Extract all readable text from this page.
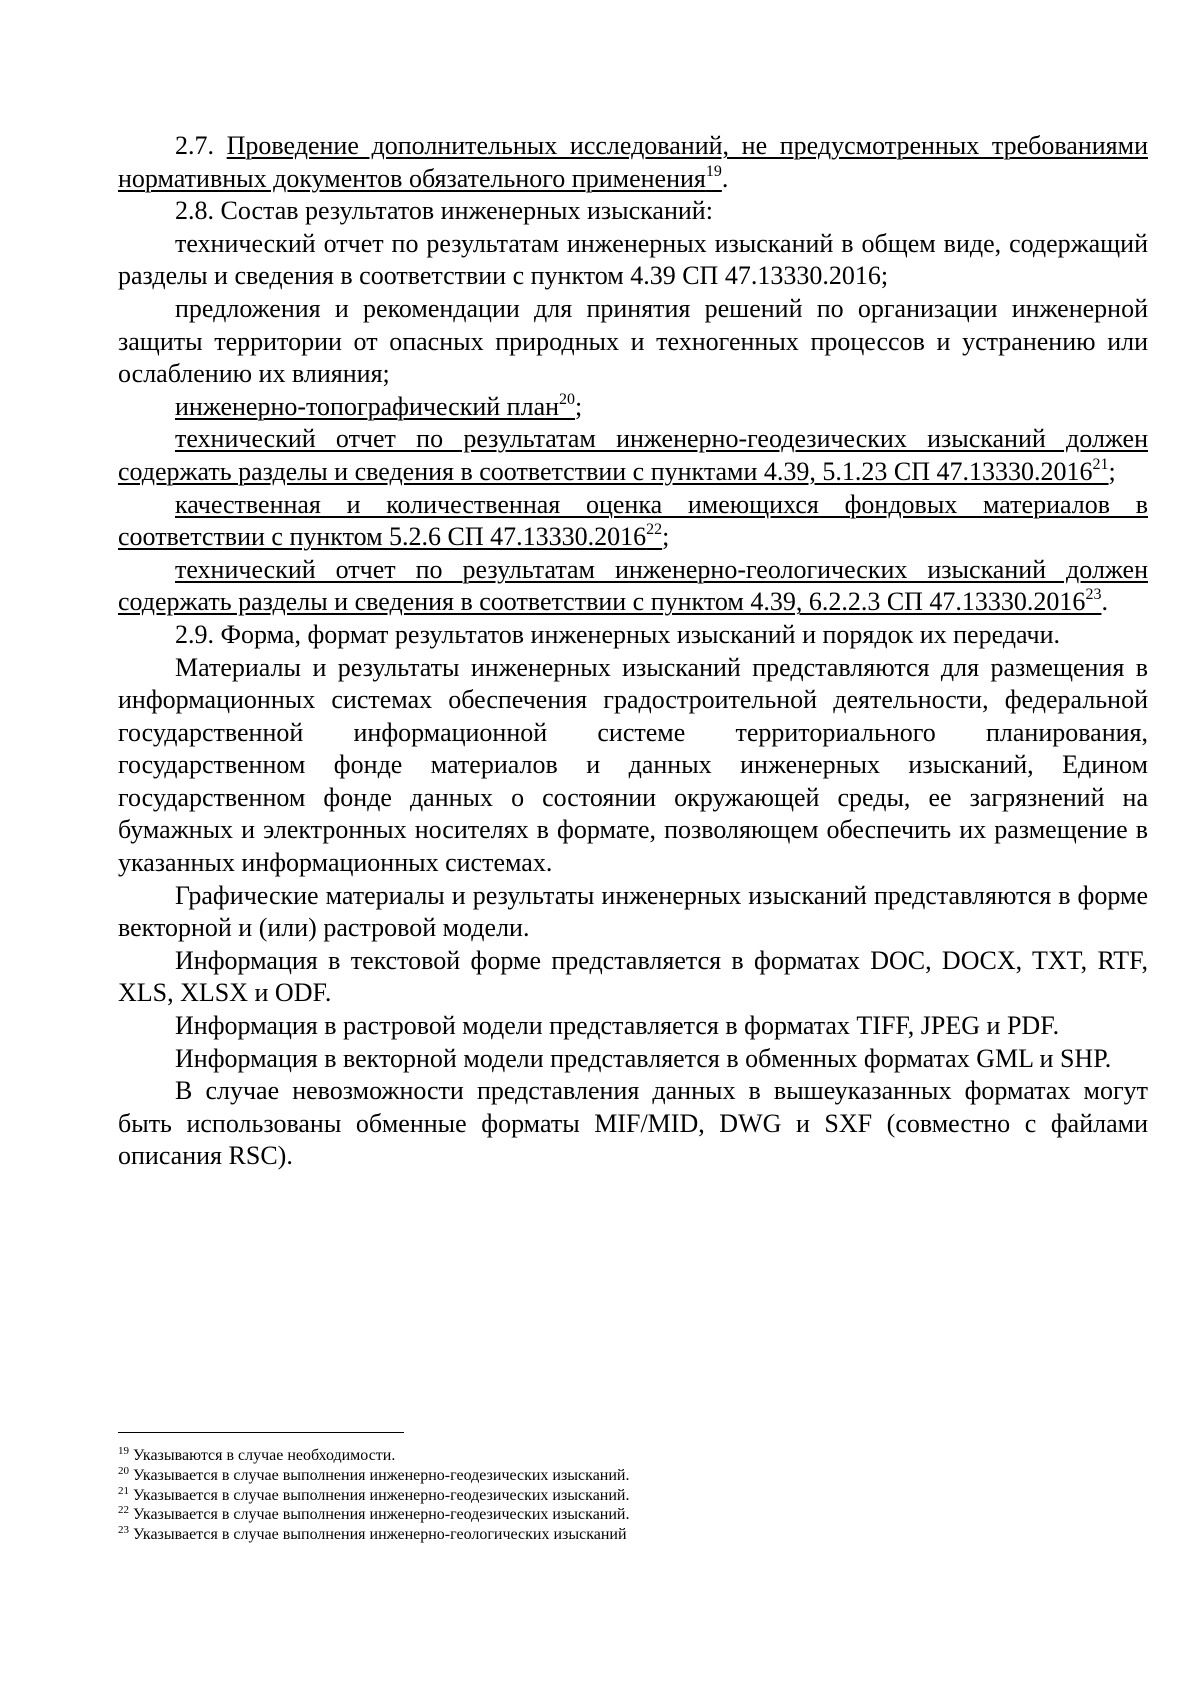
2.7. Проведение дополнительных исследований, не предусмотренных требованиями нормативных документов обязательного применения$^{19}$.

2.8. Состав результатов инженерных изысканий:

технический отчет по результатам инженерных изысканий в общем виде, содержащий разделы и сведения в соответствии с пунктом 4.39 СП 47.13330.2016;

предложения и рекомендации для принятия решений по организации инженерной защиты территории от опасных природных и техногенных процессов и устранению или ослаблению их влияния;

инженерно-топографический план$^{20}$;

технический отчет по результатам инженерно-геодезических изысканий должен содержать разделы и сведения в соответствии с пунктами 4.39, 5.1.23 СП 47.13330.2016$^{21}$;

качественная и количественная оценка имеющихся фондовых материалов в соответствии с пунктом 5.2.6 СП 47.13330.2016$^{22}$;

технический отчет по результатам инженерно-геологических изысканий должен содержать разделы и сведения в соответствии с пунктом 4.39, 6.2.2.3 СП 47.13330.2016$^{23}$.

2.9. Форма, формат результатов инженерных изысканий и порядок их передачи.

Материалы и результаты инженерных изысканий представляются для размещения в информационных системах обеспечения градостроительной деятельности, федеральной государственной информационной системе территориального планирования, государственном фонде материалов и данных инженерных изысканий, Едином государственном фонде данных о состоянии окружающей среды, ее загрязнений на бумажных и электронных носителях в формате, позволяющем обеспечить их размещение в указанных информационных системах.

Графические материалы и результаты инженерных изысканий представляются в форме векторной и (или) растровой модели.

Информация в текстовой форме представляется в форматах DOC, DOCX, TXT, RTF, XLS, XLSX и ODF.

Информация в растровой модели представляется в форматах TIFF, JPEG и PDF.

Информация в векторной модели представляется в обменных форматах GML и SHP.

В случае невозможности представления данных в вышеуказанных форматах могут быть использованы обменные форматы MIF/MID, DWG и SXF (совместно с файлами описания RSC).

$^{19}$ Указываются в случае необходимости.

$^{20}$ Указывается в случае выполнения инженерно-геодезических изысканий.

$^{21}$ Указывается в случае выполнения инженерно-геодезических изысканий.

$^{22}$ Указывается в случае выполнения инженерно-геодезических изысканий.

$^{23}$ Указывается в случае выполнения инженерно-геологических изысканий
